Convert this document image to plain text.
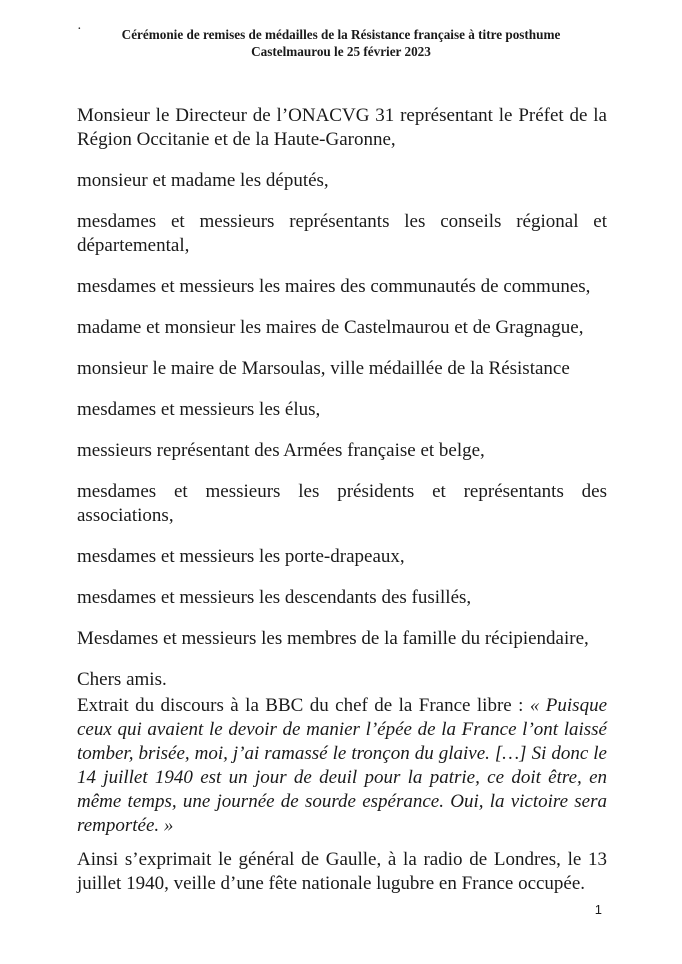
·	Cérémonie de remises de médailles de la Résistance française à titre posthume
Castelmaurou le 25 février 2023

Monsieur le Directeur de l’ONACVG 31 représentant le Préfet de la Région Occitanie et de la Haute-Garonne,

monsieur et madame les députés,

mesdames et messieurs représentants les conseils régional et départemental,

mesdames et messieurs les maires des communautés de communes,

madame et monsieur les maires de Castelmaurou et de Gragnague,

monsieur le maire de Marsoulas, ville médaillée de la Résistance

mesdames et messieurs les élus,

messieurs représentant des Armées française et belge,

mesdames et messieurs les présidents et représentants des associations,

mesdames et messieurs les porte-drapeaux,

mesdames et messieurs les descendants des fusillés,

Mesdames et messieurs les membres de la famille du récipiendaire,

Chers amis.

Extrait du discours à la BBC du chef de la France libre : « Puisque ceux qui avaient le devoir de manier l’épée de la France l’ont laissé tomber, brisée, moi, j’ai ramassé le tronçon du glaive. […] Si donc le 14 juillet 1940 est un jour de deuil pour la patrie, ce doit être, en même temps, une journée de sourde espérance. Oui, la victoire sera remportée. »

Ainsi s’exprimait le général de Gaulle, à la radio de Londres, le 13 juillet 1940, veille d’une fête nationale lugubre en France occupée.

1
